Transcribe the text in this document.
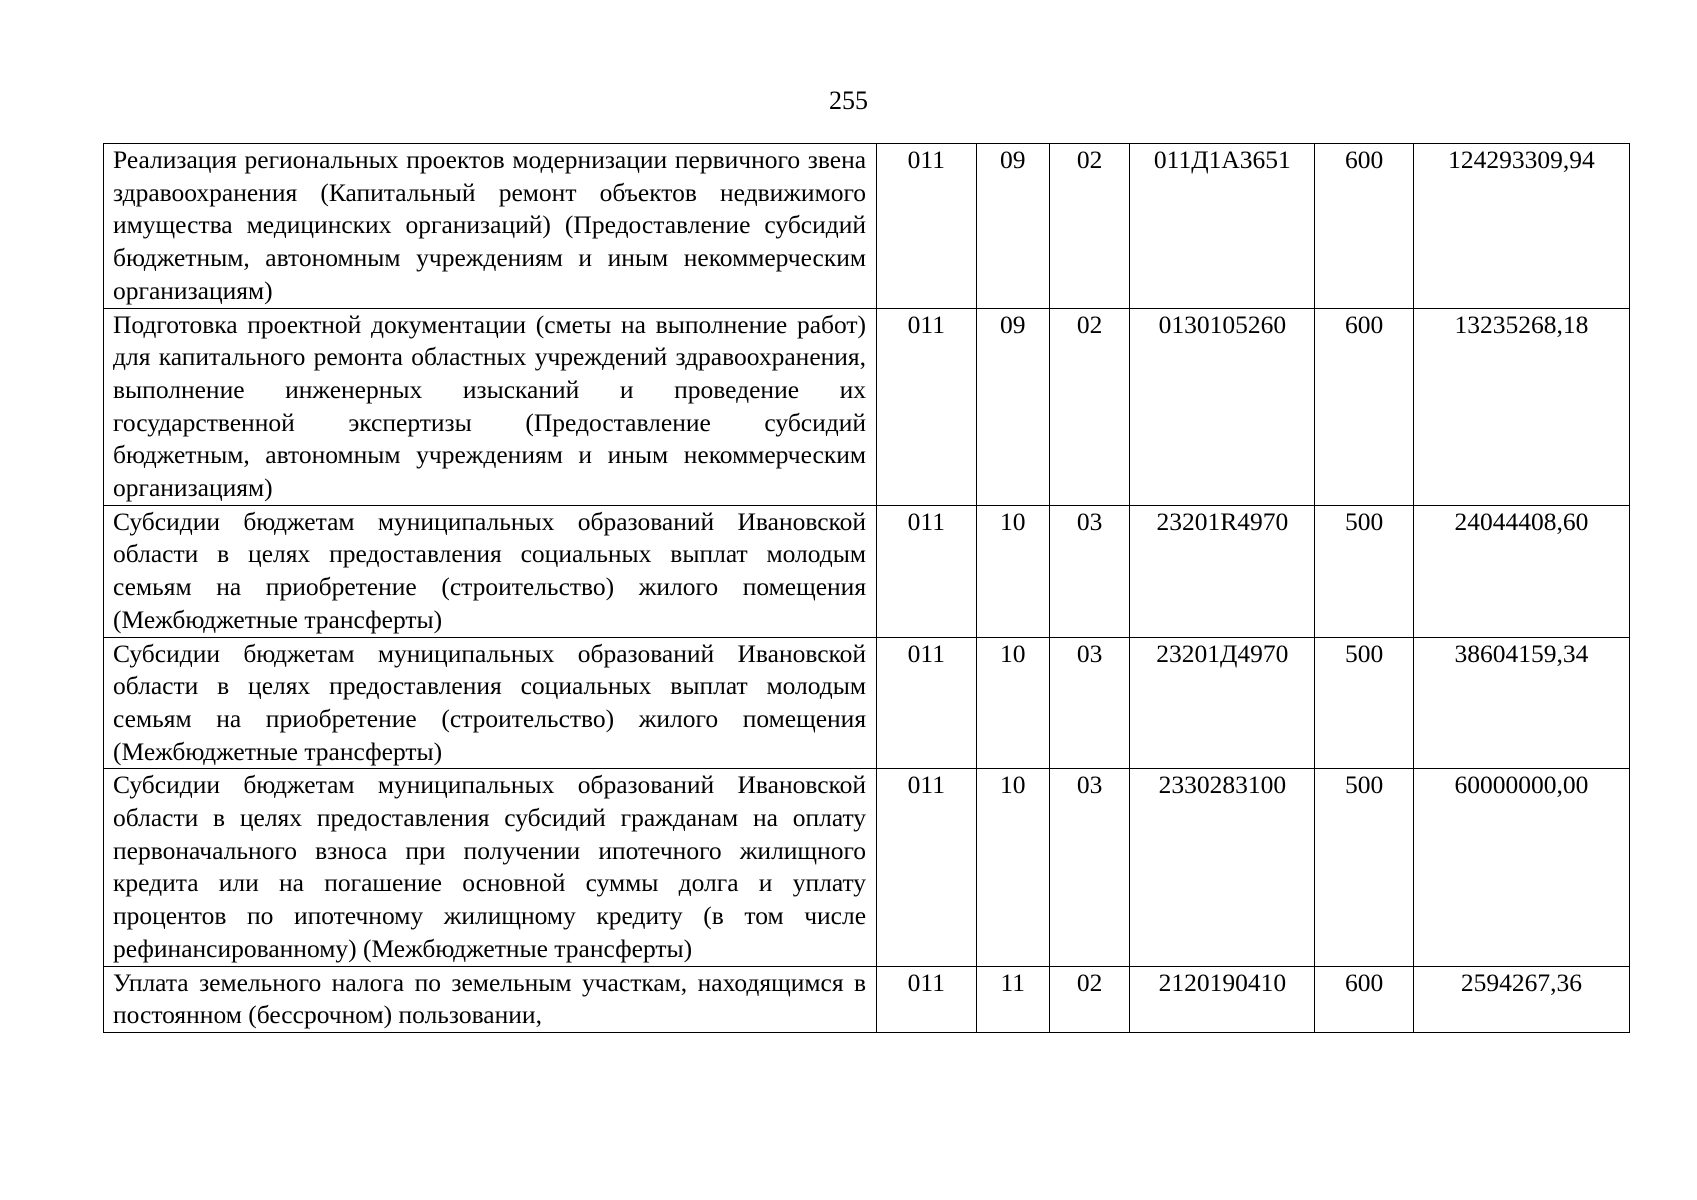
255
Реализация региональных проектов модернизации первичного звена здравоохранения (Капитальный ремонт объектов недвижимого имущества медицинских организаций) (Предоставление субсидий бюджетным, автономным учреждениям и иным некоммерческим организациям)	011	09	02	011Д1А3651	600	124293309,94
Подготовка проектной документации (сметы на выполнение работ) для капитального ремонта областных учреждений здравоохранения, выполнение инженерных изысканий и проведение их государственной экспертизы (Предоставление субсидий бюджетным, автономным учреждениям и иным некоммерческим организациям)	011	09	02	0130105260	600	13235268,18
Субсидии бюджетам муниципальных образований Ивановской области в целях предоставления социальных выплат молодым семьям на приобретение (строительство) жилого помещения (Межбюджетные трансферты)	011	10	03	23201R4970	500	24044408,60
Субсидии бюджетам муниципальных образований Ивановской области в целях предоставления социальных выплат молодым семьям на приобретение (строительство) жилого помещения (Межбюджетные трансферты)	011	10	03	23201Д4970	500	38604159,34
Субсидии бюджетам муниципальных образований Ивановской области в целях предоставления субсидий гражданам на оплату первоначального взноса при получении ипотечного жилищного кредита или на погашение основной суммы долга и уплату процентов по ипотечному жилищному кредиту (в том числе рефинансированному) (Межбюджетные трансферты)	011	10	03	2330283100	500	60000000,00
Уплата земельного налога по земельным участкам, находящимся в постоянном (бессрочном) пользовании,	011	11	02	2120190410	600	2594267,36
